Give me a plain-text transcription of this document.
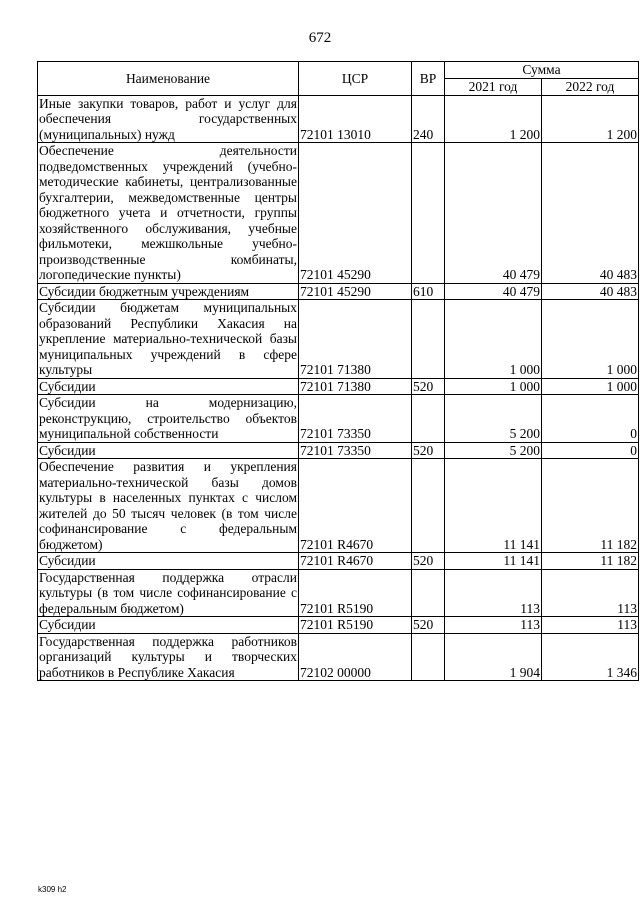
672
Наименование	ЦСР	ВР	Сумма	
			2021 год	2022 год
Иные закупки товаров, работ и услуг для обеспечения государственных (муниципальных) нужд	72101 13010	240	1 200	1 200
Обеспечение деятельности подведомственных учреждений (учебно-методические кабинеты, централизованные бухгалтерии, межведомственные центры бюджетного учета и отчетности, группы хозяйственного обслуживания, учебные фильмотеки, межшкольные учебно-производственные комбинаты, логопедические пункты)	72101 45290		40 479	40 483
Субсидии бюджетным учреждениям	72101 45290	610	40 479	40 483
Субсидии бюджетам муниципальных образований Республики Хакасия на укрепление материально-технической базы муниципальных учреждений в сфере культуры	72101 71380		1 000	1 000
Субсидии	72101 71380	520	1 000	1 000
Субсидии на модернизацию, реконструкцию, строительство объектов муниципальной собственности	72101 73350		5 200	0
Субсидии	72101 73350	520	5 200	0
Обеспечение развития и укрепления материально-технической базы домов культуры в населенных пунктах с числом жителей до 50 тысяч человек (в том числе софинансирование с федеральным бюджетом)	72101 R4670		11 141	11 182
Субсидии	72101 R4670	520	11 141	11 182
Государственная поддержка отрасли культуры (в том числе софинансирование с федеральным бюджетом)	72101 R5190		113	113
Субсидии	72101 R5190	520	113	113
Государственная поддержка работников организаций культуры и творческих работников в Республике Хакасия	72102 00000		1 904	1 346
k309 h2
